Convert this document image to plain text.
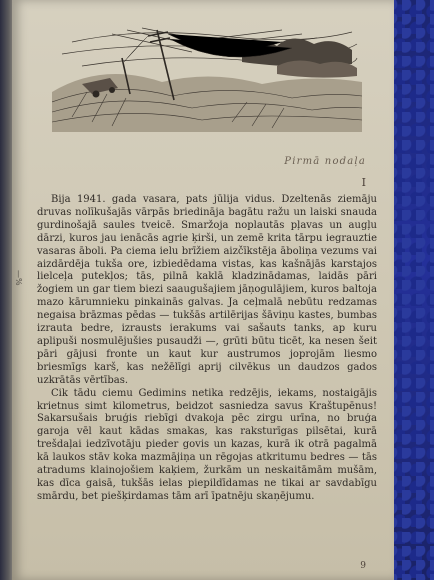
—%
Pirmā nodaļa
I

Bija 1941. gada vasara, pats jūlija vidus. Dzeltenās ziemāju druvas nolīkušajās vārpās briedināja bagātu ražu un laiski snauda gurdinošajā saules tveicē. Smaržoja noplautās pļavas un augļu dārzi, kuros jau ienācās agrie ķirši, un zemē krita tārpu iegrauztie vasaras āboli. Pa ciema ielu brīžiem aizčīkstēja āboliņa vezums vai aizdārdēja tukša ore, izbiedēdama vistas, kas kašnājās karstajos lielceļa putekļos; tās, pilnā kaklā kladzinādamas, laidās pāri žogiem un gar tiem biezi saaugušajiem jāņogulājiem, kuros baltoja mazo kārumnieku pinkainās galvas. Ja ceļmalā nebūtu redzamas negaisa brāzmas pēdas — tukšās artilērijas šāviņu kastes, bumbas izrauta bedre, izrausts ierakums vai sašauts tanks, ap kuru aplipuši nosmulējušies pusaudži —, grūti būtu ticēt, ka nesen šeit pāri gājusi fronte un kaut kur austrumos joprojām liesmo briesmīgs karš, kas nežēlīgi aprij cilvēkus un daudzos gados uzkrātās vērtības.

Cik tādu ciemu Gedimins netika redzējis, iekams, nostaigājis krietnus simt kilometrus, beidzot sasniedza savus Kraštupēnus! Sakarsušais bruģis riebīgi dvakoja pēc zirgu urīna, no bruģa garoja vēl kaut kādas smakas, kas raksturīgas pilsētai, kurā trešdaļai iedzīvotāju pieder govis un kazas, kurā ik otrā pagalmā kā laukos stāv koka mazmājiņa un rēgojas atkritumu bedres — tās atradums klainojošiem kaķiem, žurkām un neskaitāmām mušām, kas dīca gaisā, tukšās ielas piepildīdamas ne tikai ar savdabīgu smārdu, bet piešķirdamas tām arī īpatnēju skaņējumu.

9
